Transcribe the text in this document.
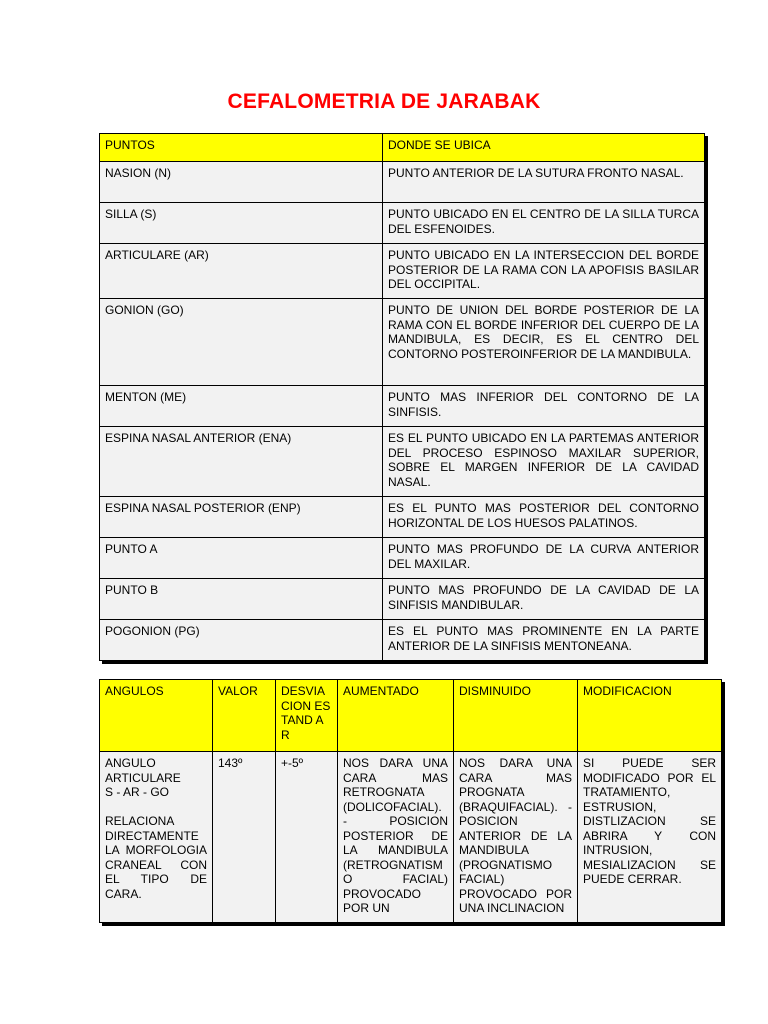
CEFALOMETRIA DE JARABAK
PUNTOS	DONDE SE UBICA
NASION (N)	PUNTO ANTERIOR DE LA SUTURA FRONTO NASAL.
SILLA (S)	PUNTO UBICADO EN EL CENTRO DE LA SILLA TURCA DEL ESFENOIDES.
ARTICULARE (AR)	PUNTO UBICADO EN LA INTERSECCION DEL BORDE POSTERIOR DE LA RAMA CON LA APOFISIS BASILAR DEL OCCIPITAL.
GONION (GO)	PUNTO DE UNION DEL BORDE POSTERIOR DE LA RAMA CON EL BORDE INFERIOR DEL CUERPO DE LA MANDIBULA, ES DECIR, ES EL CENTRO DEL CONTORNO POSTEROINFERIOR DE LA MANDIBULA.
MENTON (ME)	PUNTO MAS INFERIOR DEL CONTORNO DE LA SINFISIS.
ESPINA NASAL ANTERIOR (ENA)	ES EL PUNTO UBICADO EN LA PARTEMAS ANTERIOR DEL PROCESO ESPINOSO MAXILAR SUPERIOR, SOBRE EL MARGEN INFERIOR DE LA CAVIDAD NASAL.
ESPINA NASAL POSTERIOR (ENP)	ES EL PUNTO MAS POSTERIOR DEL CONTORNO HORIZONTAL DE LOS HUESOS PALATINOS.
PUNTO A	PUNTO MAS PROFUNDO DE LA CURVA ANTERIOR DEL MAXILAR.
PUNTO B	PUNTO MAS PROFUNDO DE LA CAVIDAD DE LA SINFISIS MANDIBULAR.
POGONION (PG)	ES EL PUNTO MAS PROMINENTE EN LA PARTE ANTERIOR DE LA SINFISIS MENTONEANA.
ANGULOS	VALOR	DESVIA CION ESTAND AR	AUMENTADO	DISMINUIDO	MODIFICACION

ANGULO ARTICULARE
S - AR - GO
RELACIONA DIRECTAMENTE LA MORFOLOGIA CRANEAL CON EL TIPO DE CARA.	143º	+-5º	NOS DARA UNA CARA MAS RETROGNATA (DOLICOFACIAL). - POSICION POSTERIOR DE LA MANDIBULA (RETROGNATISM O FACIAL) PROVOCADO POR UN	NOS DARA UNA CARA MAS PROGNATA (BRAQUIFACIAL). - POSICION ANTERIOR DE LA MANDIBULA (PROGNATISMO FACIAL) PROVOCADO POR UNA INCLINACION	SI PUEDE SER MODIFICADO POR EL TRATAMIENTO, ESTRUSION, DISTLIZACION SE ABRIRA Y CON INTRUSION, MESIALIZACION SE PUEDE CERRAR.
